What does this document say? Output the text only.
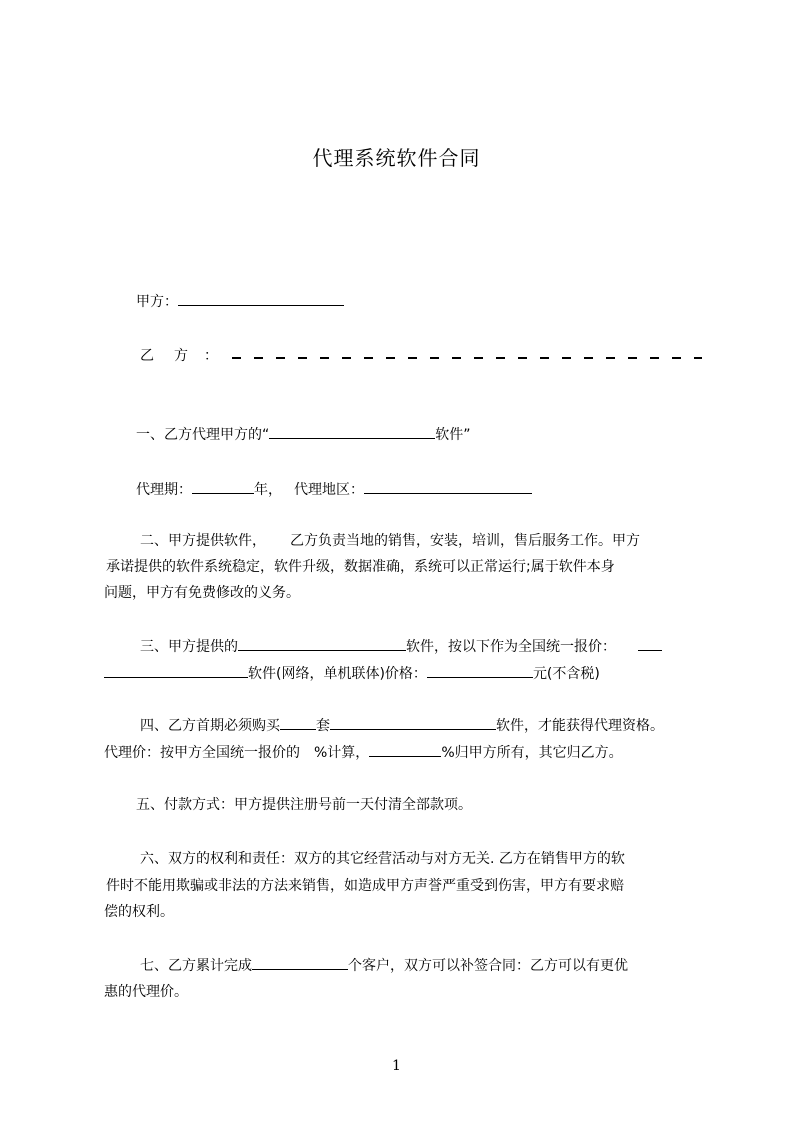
代理系统软件合同
甲方：
乙 方 ：
一、乙方代理甲方的“	软件”
代理期：	年， 代理地区：
二、甲方提供软件， 乙方负责当地的销售，安装，培训，售后服务工作。甲方
承诺提供的软件系统稳定，软件升级，数据准确，系统可以正常运行;属于软件本身
问题，甲方有免费修改的义务。
三、甲方提供的	软件，按以下作为全国统一报价：
软件(网络，单机联体)价格：	元(不含税)
四、乙方首期必须购买	套	软件，才能获得代理资格。
代理价：按甲方全国统一报价的 %计算，	%归甲方所有，其它归乙方。
五、付款方式：甲方提供注册号前一天付清全部款项。
六、双方的权利和责任：双方的其它经营活动与对方无关. 乙方在销售甲方的软
件时不能用欺骗或非法的方法来销售，如造成甲方声誉严重受到伤害，甲方有要求赔
偿的权利。
七、乙方累计完成	个客户，双方可以补签合同：乙方可以有更优
惠的代理价。
1
